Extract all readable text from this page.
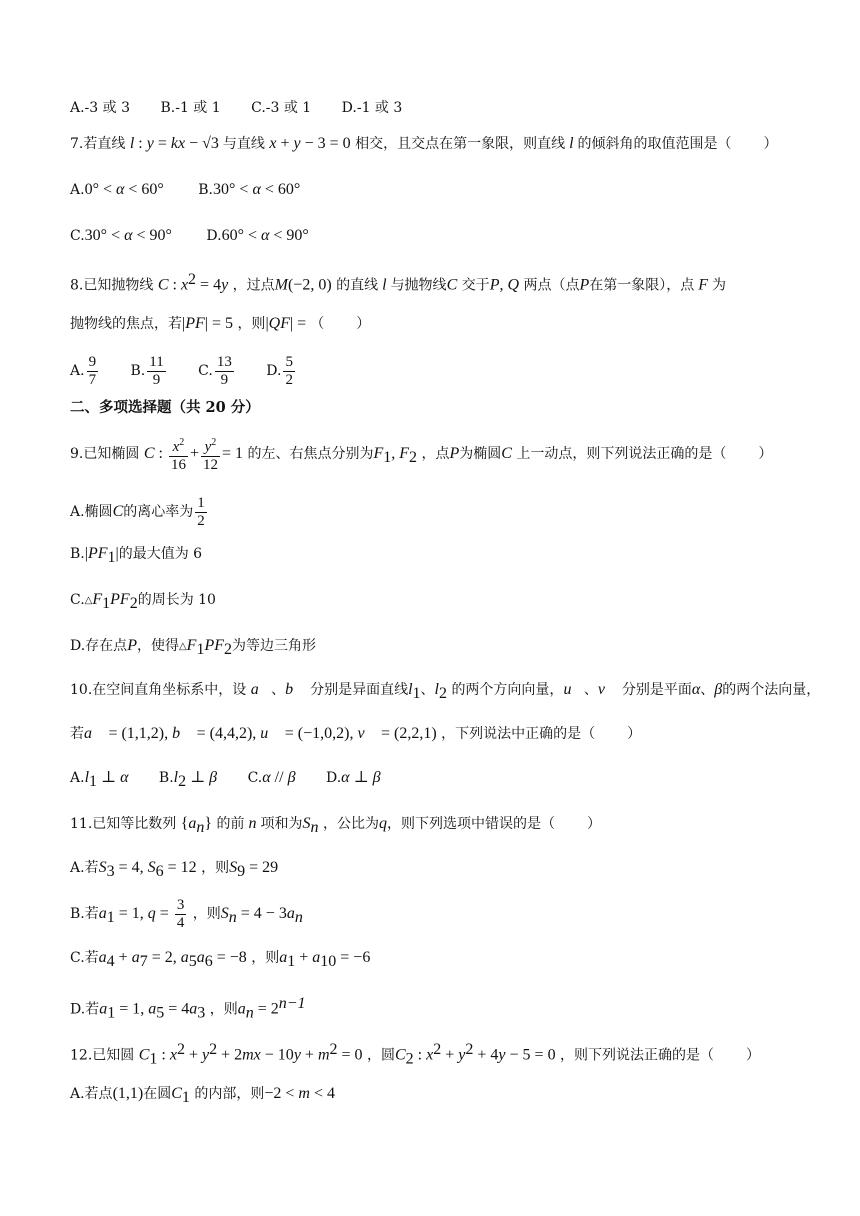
A.-3 或 3 B.-1 或 1 C.-3 或 1 D.-1 或 3
7.若直线 l : y = kx − √3 与直线 x + y − 3 = 0 相交，且交点在第一象限，则直线 l 的倾斜角的取值范围是（ ）
A.0° < α < 60° B.30° < α < 60°
C.30° < α < 90° D.60° < α < 90°
8.已知抛物线 C : $x^2 = 4y$ ，过点M(−2, 0) 的直线 l 与抛物线C 交于P, Q 两点（点P在第一象限），点 F 为
抛物线的焦点，若|PF| = 5 ，则|QF| = （ ）
A. $\frac{9}{7} B$. $\frac{11}{9} C$. $\frac{13}{9} D$. $\frac{5}{2}$
二、多项选择题（共 20 分）
9.已知椭圆 C : $\frac{x^2}{16} + \frac{y^2}{12} = 1$ 的左、右焦点分别为$F_1$, $F_2$ ，点P为椭圆C 上一动点，则下列说法正确的是（ ）
A.椭圆C的离心率为 $\frac{1}{2}$
$B.|PF_1|$的最大值为 6
$C.\triangle F_1PF_2$的周长为 10
D.存在点P，使得$\triangle F_1PF_2$为等边三角形
10.在空间直角坐标系中，设 a⃗、b⃗ 分别是异面直线$l_1$、$l_2$ 的两个方向向量，u⃗、v⃗ 分别是平面α、β的两个法向量，
若a⃗ = (1,1,2), b⃗ = (4,4,2), u⃗ = (−1,0,2), v⃗ = (2,2,1) ，下列说法中正确的是（ ）
$A.l_1$ ⊥ α $B.l_2$ ⊥ β C.α // β D.α ⊥ β
11.已知等比数列 $\{a_n\}$ 的前 n 项和为$S_n$ ，公比为q，则下列选项中错误的是（ ）
A.若$S_3 = 4$, $S_6 = 12$ ，则$S_9 = 29$
B.若$a_1 = 1$, $q = \frac{3}{4}$ ，则$S_n = 4 - 3a_n$
C.若$a_4 + a_7 = 2$, $a_5a_6 = -8$ ，则$a_1 + a_{10} = -6$
D.若$a_1 = 1$, $a_5 = 4a_3$ ，则$a_n = 2^{n-1}$
12.已知圆 $C_1$ : $x^2 + y^2 + 2mx - 10y + m^2 = 0$ ，圆$C_2$ : $x^2 + y^2 + 4y - 5 = 0$ ，则下列说法正确的是（ ）
A.若点(1,1)在圆$C_1$ 的内部，则−2 < m < 4
